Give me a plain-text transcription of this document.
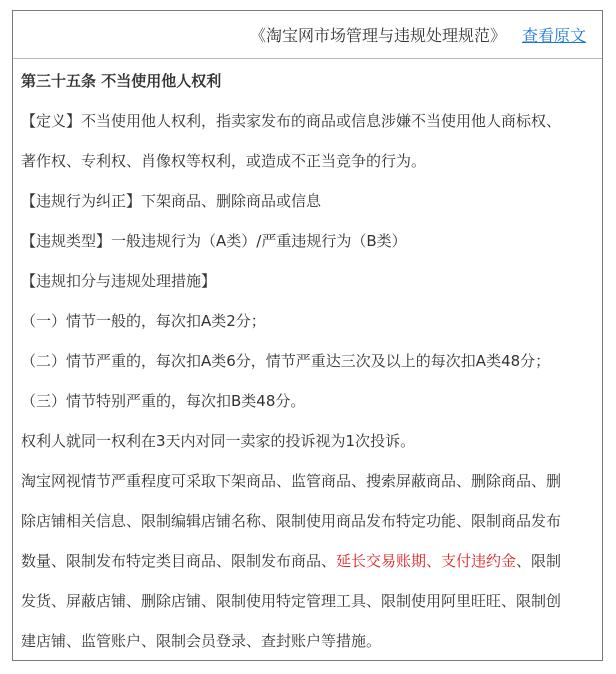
《淘宝网市场管理与违规处理规范》 查看原文
第三十五条 不当使用他人权利
【定义】不当使用他人权利，指卖家发布的商品或信息涉嫌不当使用他人商标权、
著作权、专利权、肖像权等权利，或造成不正当竞争的行为。
【违规行为纠正】下架商品、删除商品或信息
【违规类型】一般违规行为（A类）/严重违规行为（B类）
【违规扣分与违规处理措施】
（一）情节一般的，每次扣A类2分；
（二）情节严重的，每次扣A类6分，情节严重达三次及以上的每次扣A类48分；
（三）情节特别严重的，每次扣B类48分。
权利人就同一权利在3天内对同一卖家的投诉视为1次投诉。
淘宝网视情节严重程度可采取下架商品、监管商品、搜索屏蔽商品、删除商品、删
除店铺相关信息、限制编辑店铺名称、限制使用商品发布特定功能、限制商品发布
数量、限制发布特定类目商品、限制发布商品、延长交易账期、支付违约金、限制
发货、屏蔽店铺、删除店铺、限制使用特定管理工具、限制使用阿里旺旺、限制创
建店铺、监管账户、限制会员登录、查封账户等措施。
